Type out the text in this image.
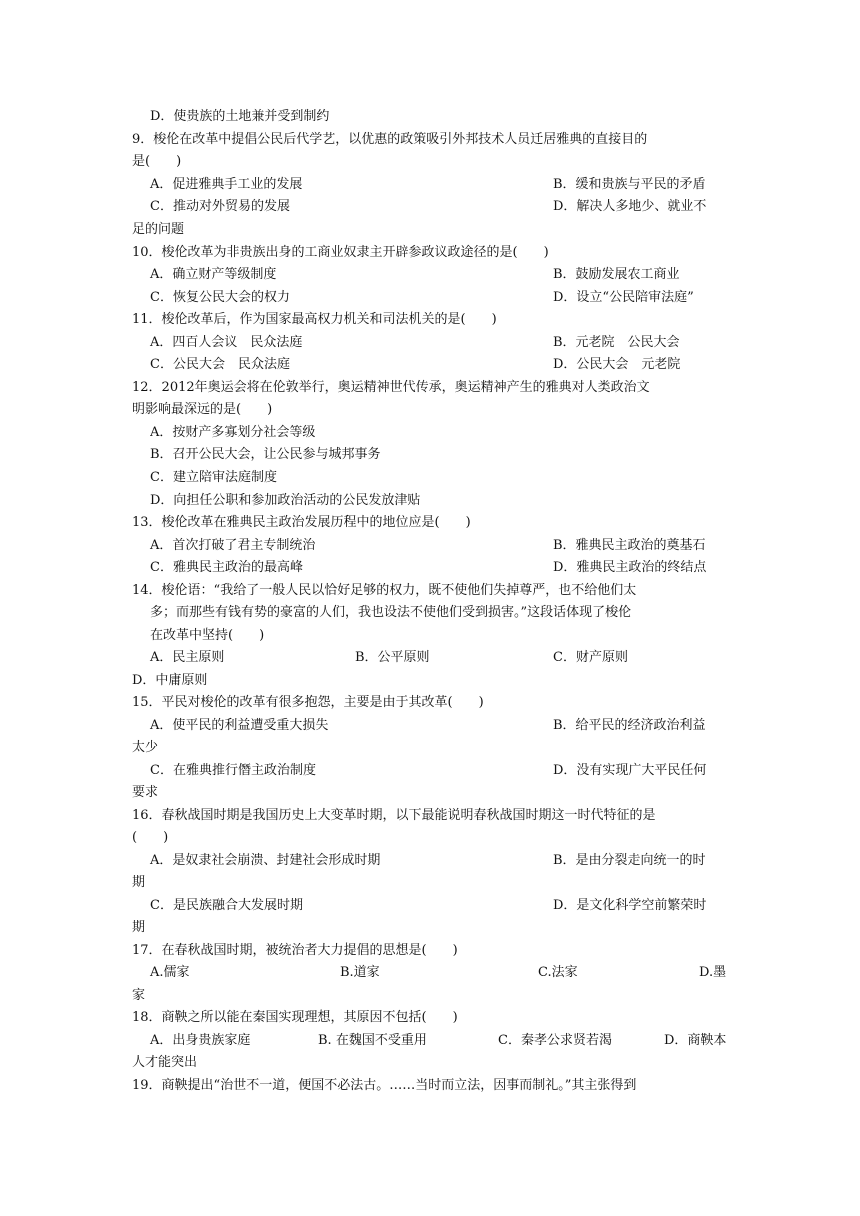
D．使贵族的土地兼并受到制约
9．梭伦在改革中提倡公民后代学艺，以优惠的政策吸引外邦技术人员迁居雅典的直接目的
是(　　)
A．促进雅典手工业的发展	B．缓和贵族与平民的矛盾
C．推动对外贸易的发展	D．解决人多地少、就业不
足的问题
10．梭伦改革为非贵族出身的工商业奴隶主开辟参政议政途径的是(　　)
A．确立财产等级制度	B．鼓励发展农工商业
C．恢复公民大会的权力	D．设立“公民陪审法庭”
11．梭伦改革后，作为国家最高权力机关和司法机关的是(　　)
A．四百人会议　民众法庭	B．元老院　公民大会
C．公民大会　民众法庭	D．公民大会　元老院
12．2012年奥运会将在伦敦举行，奥运精神世代传承，奥运精神产生的雅典对人类政治文
明影响最深远的是(　　)
A．按财产多寡划分社会等级
B．召开公民大会，让公民参与城邦事务
C．建立陪审法庭制度
D．向担任公职和参加政治活动的公民发放津贴
13．梭伦改革在雅典民主政治发展历程中的地位应是(　　)
A．首次打破了君主专制统治	B．雅典民主政治的奠基石
C．雅典民主政治的最高峰	D．雅典民主政治的终结点
14．梭伦语：“我给了一般人民以恰好足够的权力，既不使他们失掉尊严，也不给他们太
多；而那些有钱有势的豪富的人们，我也设法不使他们受到损害。”这段话体现了梭伦
在改革中坚持(　　)
A．民主原则	B．公平原则	C．财产原则
D．中庸原则
15．平民对梭伦的改革有很多抱怨，主要是由于其改革(　　)
A．使平民的利益遭受重大损失	B．给平民的经济政治利益
太少
C．在雅典推行僭主政治制度	D．没有实现广大平民任何
要求
16．春秋战国时期是我国历史上大变革时期，以下最能说明春秋战国时期这一时代特征的是
(　　)
A．是奴隶社会崩溃、封建社会形成时期	B．是由分裂走向统一的时
期
C．是民族融合大发展时期	D．是文化科学空前繁荣时
期
17．在春秋战国时期，被统治者大力提倡的思想是(　　)
A.儒家	B.道家	C.法家	D.墨
家
18．商鞅之所以能在秦国实现理想，其原因不包括(　　)
A．出身贵族家庭	B. 在魏国不受重用	C．秦孝公求贤若渴	D．商鞅本
人才能突出
19．商鞅提出“治世不一道，便国不必法古。……当时而立法，因事而制礼。”其主张得到
